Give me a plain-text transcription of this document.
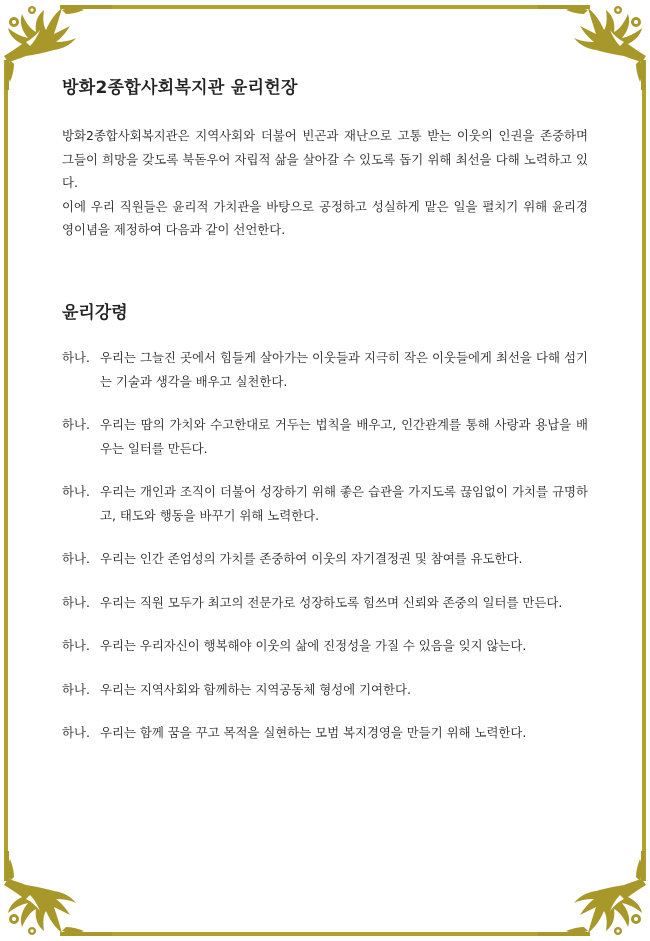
방화2종합사회복지관 윤리헌장

방화2종합사회복지관은 지역사회와 더불어 빈곤과 재난으로 고통 받는 이웃의 인권을 존중하며 그들이 희망을 갖도록 북돋우어 자립적 삶을 살아갈 수 있도록 돕기 위해 최선을 다해 노력하고 있다.

이에 우리 직원들은 윤리적 가치관을 바탕으로 공정하고 성실하게 맡은 일을 펼치기 위해 윤리경영이념을 제정하여 다음과 같이 선언한다.

윤리강령
하나. 우리는 그늘진 곳에서 힘들게 살아가는 이웃들과 지극히 작은 이웃들에게 최선을 다해 섬기는 기술과 생각을 배우고 실천한다.
하나. 우리는 땀의 가치와 수고한대로 거두는 법칙을 배우고, 인간관계를 통해 사랑과 용납을 배우는 일터를 만든다.
하나. 우리는 개인과 조직이 더불어 성장하기 위해 좋은 습관을 가지도록 끊임없이 가치를 규명하고, 태도와 행동을 바꾸기 위해 노력한다.
하나. 우리는 인간 존엄성의 가치를 존중하여 이웃의 자기결정권 및 참여를 유도한다.
하나. 우리는 직원 모두가 최고의 전문가로 성장하도록 힘쓰며 신뢰와 존중의 일터를 만든다.
하나. 우리는 우리자신이 행복해야 이웃의 삶에 진정성을 가질 수 있음을 잊지 않는다.
하나. 우리는 지역사회와 함께하는 지역공동체 형성에 기여한다.
하나. 우리는 함께 꿈을 꾸고 목적을 실현하는 모범 복지경영을 만들기 위해 노력한다.
